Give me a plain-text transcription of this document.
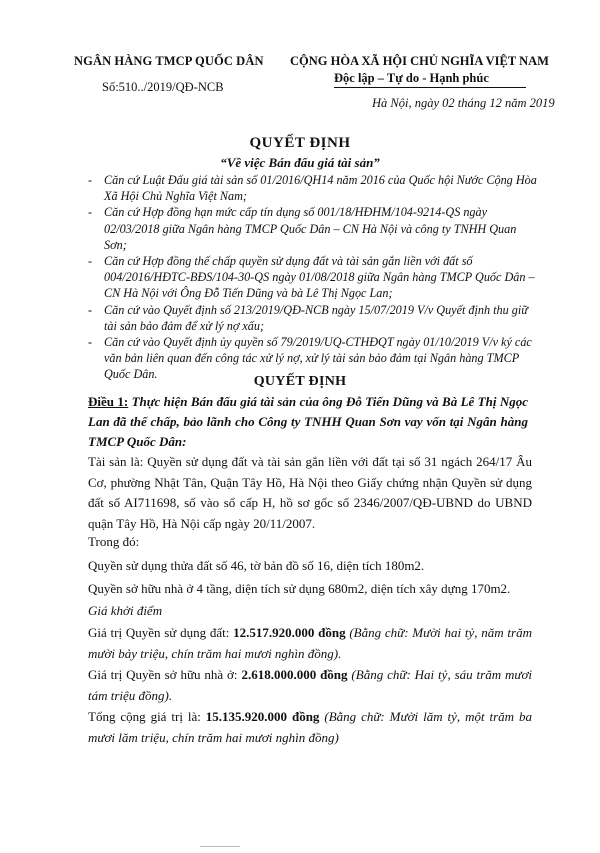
NGÂN HÀNG TMCP QUỐC DÂN
Số:510../2019/QĐ-NCB
CỘNG HÒA XÃ HỘI CHỦ NGHĨA VIỆT NAM
Độc lập – Tự do - Hạnh phúc
Hà Nội, ngày 02 tháng 12 năm 2019
QUYẾT ĐỊNH
“Về việc Bán đấu giá tài sản”
- Căn cứ Luật Đấu giá tài sản số 01/2016/QH14 năm 2016 của Quốc hội Nước Cộng Hòa Xã Hội Chủ Nghĩa Việt Nam;
- Căn cứ Hợp đồng hạn mức cấp tín dụng số 001/18/HĐHM/104-9214-QS ngày 02/03/2018 giữa Ngân hàng TMCP Quốc Dân – CN Hà Nội và công ty TNHH Quan Sơn;
- Căn cứ Hợp đồng thế chấp quyền sử dụng đất và tài sản gắn liền với đất số 004/2016/HĐTC-BĐS/104-30-QS ngày 01/08/2018 giữa Ngân hàng TMCP Quốc Dân – CN Hà Nội với Ông Đỗ Tiến Dũng và bà Lê Thị Ngọc Lan;
- Căn cứ vào Quyết định số 213/2019/QĐ-NCB ngày 15/07/2019 V/v Quyết định thu giữ tài sản bảo đảm để xử lý nợ xấu;
- Căn cứ vào Quyết định ủy quyền số 79/2019/UQ-CTHĐQT ngày 01/10/2019 V/v ký các văn bản liên quan đến công tác xử lý nợ, xử lý tài sản bảo đảm tại Ngân hàng TMCP Quốc Dân.	QUYẾT ĐỊNH
Điều 1: Thực hiện Bán đấu giá tài sản của ông Đỗ Tiến Dũng và Bà Lê Thị Ngọc Lan đã thế chấp, bảo lãnh cho Công ty TNHH Quan Sơn vay vốn tại Ngân hàng TMCP Quốc Dân:
Tài sản là: Quyền sử dụng đất và tài sản gắn liền với đất tại số 31 ngách 264/17 Âu Cơ, phường Nhật Tân, Quận Tây Hồ, Hà Nội theo Giấy chứng nhận Quyền sử dụng đất số AI711698, số vào sổ cấp H, hồ sơ gốc số 2346/2007/QĐ-UBND do UBND quận Tây Hồ, Hà Nội cấp ngày 20/11/2007.
Trong đó:
Quyền sử dụng thửa đất số 46, tờ bản đồ số 16, diện tích 180m2.
Quyền sở hữu nhà ở 4 tầng, diện tích sử dụng 680m2, diện tích xây dựng 170m2.
Giá khởi điểm
Giá trị Quyền sử dụng đất: 12.517.920.000 đồng (Bằng chữ: Mười hai tỷ, năm trăm mười bảy triệu, chín trăm hai mươi nghìn đồng).
Giá trị Quyền sở hữu nhà ở: 2.618.000.000 đồng (Bằng chữ: Hai tỷ, sáu trăm mươi tám triệu đồng).
Tổng cộng giá trị là: 15.135.920.000 đồng (Bằng chữ: Mười lăm tỷ, một trăm ba mươi lăm triệu, chín trăm hai mươi nghìn đồng)
